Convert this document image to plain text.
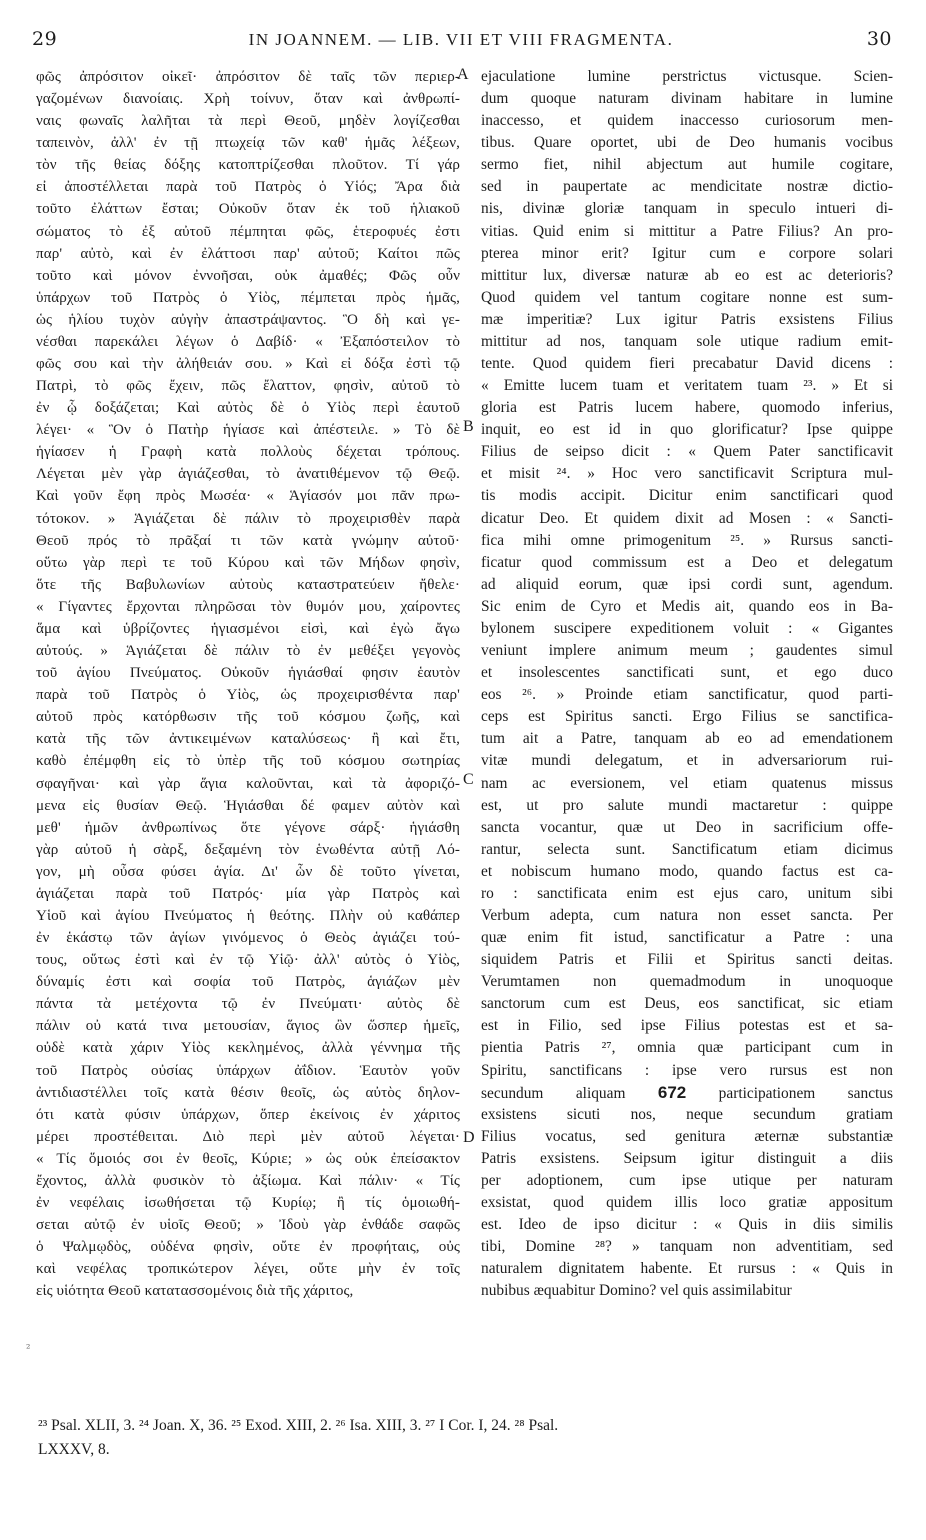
29	IN JOANNEM. — LIB. VII ET VIII FRAGMENTA.	30
φῶς ἀπρόσιτον οἰκεῖ· ἀπρόσιτον δὲ ταῖς τῶν περιερ-
γαζομένων διανοίαις. Χρὴ τοίνυν, ὅταν καὶ ἀνθρωπί-
ναις φωναῖς λαλῆται τὰ περὶ Θεοῦ, μηδὲν λογίζεσθαι
ταπεινὸν, ἀλλ' ἐν τῇ πτωχείᾳ τῶν καθ' ἡμᾶς λέξεων,
τὸν τῆς θείας δόξης κατοπτρίζεσθαι πλοῦτον. Τί γάρ
εἰ ἀποστέλλεται παρὰ τοῦ Πατρὸς ὁ Υἱός; Ἄρα διὰ
τοῦτο ἐλάττων ἔσται; Οὐκοῦν ὅταν ἐκ τοῦ ἡλιακοῦ
σώματος τὸ ἐξ αὐτοῦ πέμπηται φῶς, ἑτεροφυές ἐστι
παρ' αὐτὸ, καὶ ἐν ἐλάττοσι παρ' αὐτοῦ; Καίτοι πῶς
τοῦτο καὶ μόνον ἐννοῆσαι, οὐκ ἀμαθές; Φῶς οὖν
ὑπάρχων τοῦ Πατρὸς ὁ Υἱὸς, πέμπεται πρὸς ἡμᾶς,
ὡς ἡλίου τυχὸν αὐγὴν ἀπαστράψαντος. Ὃ δὴ καὶ γε-
νέσθαι παρεκάλει λέγων ὁ Δαβίδ· « Ἐξαπόστειλον τὸ
φῶς σου καὶ τὴν ἀλήθειάν σου. » Καὶ εἰ δόξα ἐστὶ τῷ
Πατρὶ, τὸ φῶς ἔχειν, πῶς ἔλαττον, φησὶν, αὐτοῦ τὸ
ἐν ᾧ δοξάζεται; Καὶ αὐτὸς δὲ ὁ Υἱὸς περὶ ἑαυτοῦ
λέγει· « Ὃν ὁ Πατὴρ ἡγίασε καὶ ἀπέστειλε. » Τὸ δὲ
ἡγίασεν ἡ Γραφὴ κατὰ πολλοὺς δέχεται τρόπους.
Λέγεται μὲν γὰρ ἁγιάζεσθαι, τὸ ἀνατιθέμενον τῷ Θεῷ.
Καὶ γοῦν ἔφη πρὸς Μωσέα· « Ἁγίασόν μοι πᾶν πρω-
τότοκον. » Ἁγιάζεται δὲ πάλιν τὸ προχειρισθὲν παρὰ
Θεοῦ πρός τὸ πρᾶξαί τι τῶν κατὰ γνώμην αὐτοῦ·
οὕτω γὰρ περὶ τε τοῦ Κύρου καὶ τῶν Μήδων φησὶν,
ὅτε τῆς Βαβυλωνίων αὐτοὺς καταστρατεύειν ἤθελε·
« Γίγαντες ἔρχονται πληρῶσαι τὸν θυμόν μου, χαίροντες
ἅμα καὶ ὑβρίζοντες ἡγιασμένοι εἰσὶ, καὶ ἐγὼ ἄγω
αὐτούς. » Ἁγιάζεται δὲ πάλιν τὸ ἐν μεθέξει γεγονὸς
τοῦ ἁγίου Πνεύματος. Οὐκοῦν ἡγιάσθαί φησιν ἑαυτὸν
παρὰ τοῦ Πατρὸς ὁ Υἱὸς, ὡς προχειρισθέντα παρ'
αὐτοῦ πρὸς κατόρθωσιν τῆς τοῦ κόσμου ζωῆς, καὶ
κατὰ τῆς τῶν ἀντικειμένων καταλύσεως· ἢ καὶ ἔτι,
καθὸ ἐπέμφθη εἰς τὸ ὑπὲρ τῆς τοῦ κόσμου σωτηρίας
σφαγῆναι· καὶ γὰρ ἅγια καλοῦνται, καὶ τὰ ἀφοριζό-
μενα εἰς θυσίαν Θεῷ. Ἡγιάσθαι δέ φαμεν αὐτὸν καὶ
μεθ' ἡμῶν ἀνθρωπίνως ὅτε γέγονε σάρξ· ἡγιάσθη
γὰρ αὐτοῦ ἡ σὰρξ, δεξαμένη τὸν ἑνωθέντα αὐτῇ Λό-
γον, μὴ οὖσα φύσει ἁγία. Δι' ὧν δὲ τοῦτο γίνεται,
ἁγιάζεται παρὰ τοῦ Πατρός· μία γὰρ Πατρὸς καὶ
Υἱοῦ καὶ ἁγίου Πνεύματος ἡ θεότης. Πλὴν οὐ καθάπερ
ἐν ἑκάστῳ τῶν ἁγίων γινόμενος ὁ Θεὸς ἁγιάζει τού-
τους, οὕτως ἐστὶ καὶ ἐν τῷ Υἱῷ· ἀλλ' αὐτὸς ὁ Υἱὸς,
δύναμίς ἐστι καὶ σοφία τοῦ Πατρὸς, ἁγιάζων μὲν
πάντα τὰ μετέχοντα τῷ ἐν Πνεύματι· αὐτὸς δὲ
πάλιν οὐ κατά τινα μετουσίαν, ἅγιος ὢν ὥσπερ ἡμεῖς,
οὐδὲ κατὰ χάριν Υἱὸς κεκλημένος, ἀλλὰ γέννημα τῆς
τοῦ Πατρὸς οὐσίας ὑπάρχων ἀΐδιον. Ἑαυτὸν γοῦν
ἀντιδιαστέλλει τοῖς κατὰ θέσιν θεοῖς, ὡς αὐτὸς δηλον-
ότι κατὰ φύσιν ὑπάρχων, ὅπερ ἐκείνοις ἐν χάριτος
μέρει προστέθειται. Διὸ περὶ μὲν αὐτοῦ λέγεται·
« Τίς ὅμοιός σοι ἐν θεοῖς, Κύριε; » ὡς οὐκ ἐπείσακτον
ἔχοντος, ἀλλὰ φυσικὸν τὸ ἀξίωμα. Καὶ πάλιν· « Τίς
ἐν νεφέλαις ἰσωθήσεται τῷ Κυρίῳ; ἢ τίς ὁμοιωθή-
σεται αὐτῷ ἐν υἱοῖς Θεοῦ; » Ἰδοὺ γὰρ ἐνθάδε σαφῶς
ὁ Ψαλμῳδὸς, οὐδένα φησὶν, οὔτε ἐν προφήταις, οὐς
καὶ νεφέλας τροπικώτερον λέγει, οὔτε μὴν ἐν τοῖς
εἰς υἱότητα Θεοῦ κατατασσομένοις διὰ τῆς χάριτος,
ejaculatione lumine perstrictus victusque. Scien-
dum quoque naturam divinam habitare in lumine
inaccesso, et quidem inaccesso curiosorum men-
tibus. Quare oportet, ubi de Deo humanis vocibus
sermo fiet, nihil abjectum aut humile cogitare,
sed in paupertate ac mendicitate nostræ dictio-
nis, divinæ gloriæ tanquam in speculo intueri di-
vitias. Quid enim si mittitur a Patre Filius? An pro-
pterea minor erit? Igitur cum e corpore solari
mittitur lux, diversæ naturæ ab eo est ac deterioris?
Quod quidem vel tantum cogitare nonne est sum-
mæ imperitiæ? Lux igitur Patris exsistens Filius
mittitur ad nos, tanquam sole utique radium emit-
tente. Quod quidem fieri precabatur David dicens :
« Emitte lucem tuam et veritatem tuam ²³. » Et si
gloria est Patris lucem habere, quomodo inferius,
inquit, eo est id in quo glorificatur? Ipse quippe
Filius de seipso dicit : « Quem Pater sanctificavit
et misit ²⁴. » Hoc vero sanctificavit Scriptura mul-
tis modis accipit. Dicitur enim sanctificari quod
dicatur Deo. Et quidem dixit ad Mosen : « Sancti-
fica mihi omne primogenitum ²⁵. » Rursus sancti-
ficatur quod commissum est a Deo et delegatum
ad aliquid eorum, quæ ipsi cordi sunt, agendum.
Sic enim de Cyro et Medis ait, quando eos in Ba-
bylonem suscipere expeditionem voluit : « Gigantes
veniunt implere animum meum ; gaudentes simul
et insolescentes sanctificati sunt, et ego duco
eos ²⁶. » Proinde etiam sanctificatur, quod parti-
ceps est Spiritus sancti. Ergo Filius se sanctifica-
tum ait a Patre, tanquam ab eo ad emendationem
vitæ mundi delegatum, et in adversariorum rui-
nam ac eversionem, vel etiam quatenus missus
est, ut pro salute mundi mactaretur : quippe
sancta vocantur, quæ ut Deo in sacrificium offe-
rantur, selecta sunt. Sanctificatum etiam dicimus
et nobiscum humano modo, quando factus est ca-
ro : sanctificata enim est ejus caro, unitum sibi
Verbum adepta, cum natura non esset sancta. Per
quæ enim fit istud, sanctificatur a Patre : una
siquidem Patris et Filii et Spiritus sancti deitas.
Verumtamen non quemadmodum in unoquoque
sanctorum cum est Deus, eos sanctificat, sic etiam
est in Filio, sed ipse Filius potestas est et sa-
pientia Patris ²⁷, omnia quæ participant cum in
Spiritu, sanctificans : ipse vero rursus est non
secundum aliquam 672 participationem sanctus
exsistens sicuti nos, neque secundum gratiam
Filius vocatus, sed genitura æternæ substantiæ
Patris exsistens. Seipsum igitur distinguit a diis
per adoptionem, cum ipse utique per naturam
exsistat, quod quidem illis loco gratiæ appositum
est. Ideo de ipso dicitur : « Quis in diis similis
tibi, Domine ²⁸? » tanquam non adventitiam, sed
naturalem dignitatem habente. Et rursus : « Quis in
nubibus æquabitur Domino? vel quis assimilabitur
A
B
C
D
²
²³ Psal. XLII, 3. ²⁴ Joan. X, 36. ²⁵ Exod. XIII, 2. ²⁶ Isa. XIII, 3. ²⁷ I Cor. I, 24. ²⁸ Psal.
LXXXV, 8.
